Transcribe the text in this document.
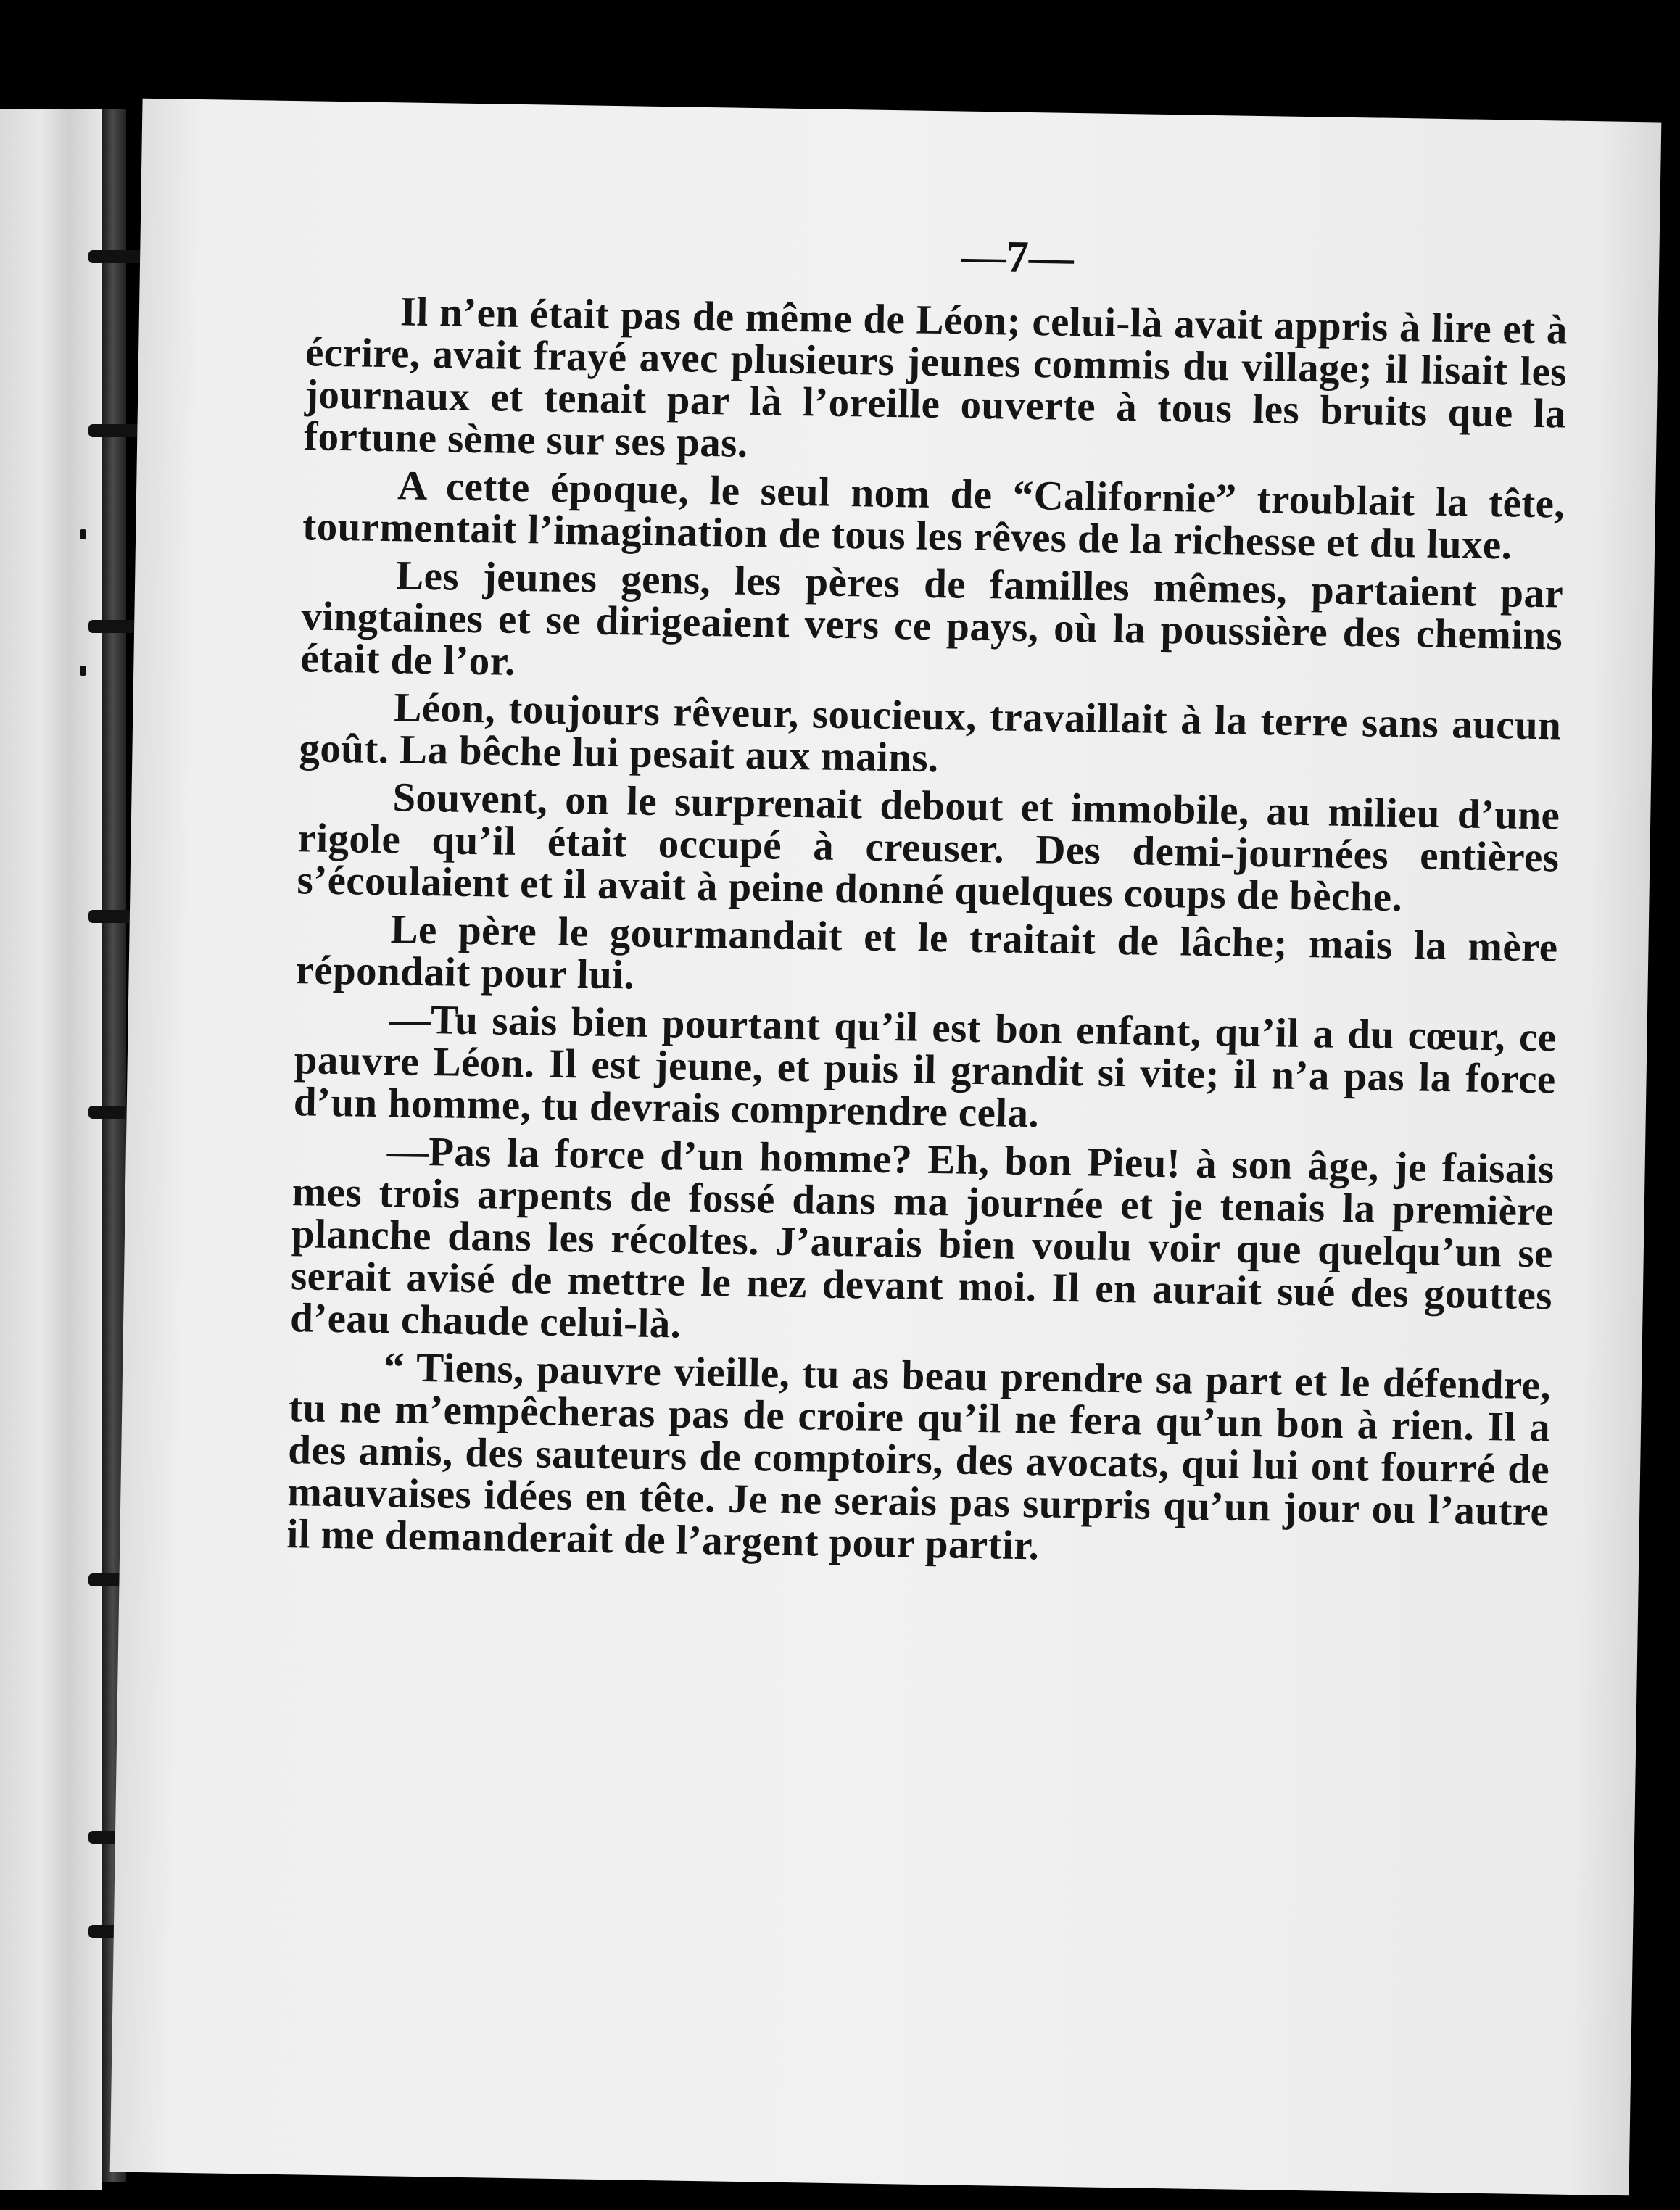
—7—

Il n’en était pas de même de Léon; celui-là avait appris à lire et à écrire, avait frayé avec plusieurs jeunes commis du village; il lisait les journaux et tenait par là l’oreille ouverte à tous les bruits que la fortune sème sur ses pas.

A cette époque, le seul nom de “Californie” troublait la tête, tourmentait l’imagination de tous les rêves de la richesse et du luxe.

Les jeunes gens, les pères de familles mêmes, partaient par vingtaines et se dirigeaient vers ce pays, où la poussière des chemins était de l’or.

Léon, toujours rêveur, soucieux, travaillait à la terre sans aucun goût. La bêche lui pesait aux mains.

Souvent, on le surprenait debout et immobile, au milieu d’une rigole qu’il était occupé à creuser. Des demi-journées entières s’écoulaient et il avait à peine donné quelques coups de bèche.

Le père le gourmandait et le traitait de lâche; mais la mère répondait pour lui.

—Tu sais bien pourtant qu’il est bon enfant, qu’il a du cœur, ce pauvre Léon. Il est jeune, et puis il grandit si vite; il n’a pas la force d’un homme, tu devrais comprendre cela.

—Pas la force d’un homme? Eh, bon Pieu! à son âge, je faisais mes trois arpents de fossé dans ma journée et je tenais la première planche dans les récoltes. J’aurais bien voulu voir que quelqu’un se serait avisé de mettre le nez devant moi. Il en aurait sué des gouttes d’eau chaude celui-là.

“ Tiens, pauvre vieille, tu as beau prendre sa part et le défendre, tu ne m’empêcheras pas de croire qu’il ne fera qu’un bon à rien. Il a des amis, des sauteurs de comptoirs, des avocats, qui lui ont fourré de mauvaises idées en tête. Je ne serais pas surpris qu’un jour ou l’autre il me demanderait de l’argent pour partir.
